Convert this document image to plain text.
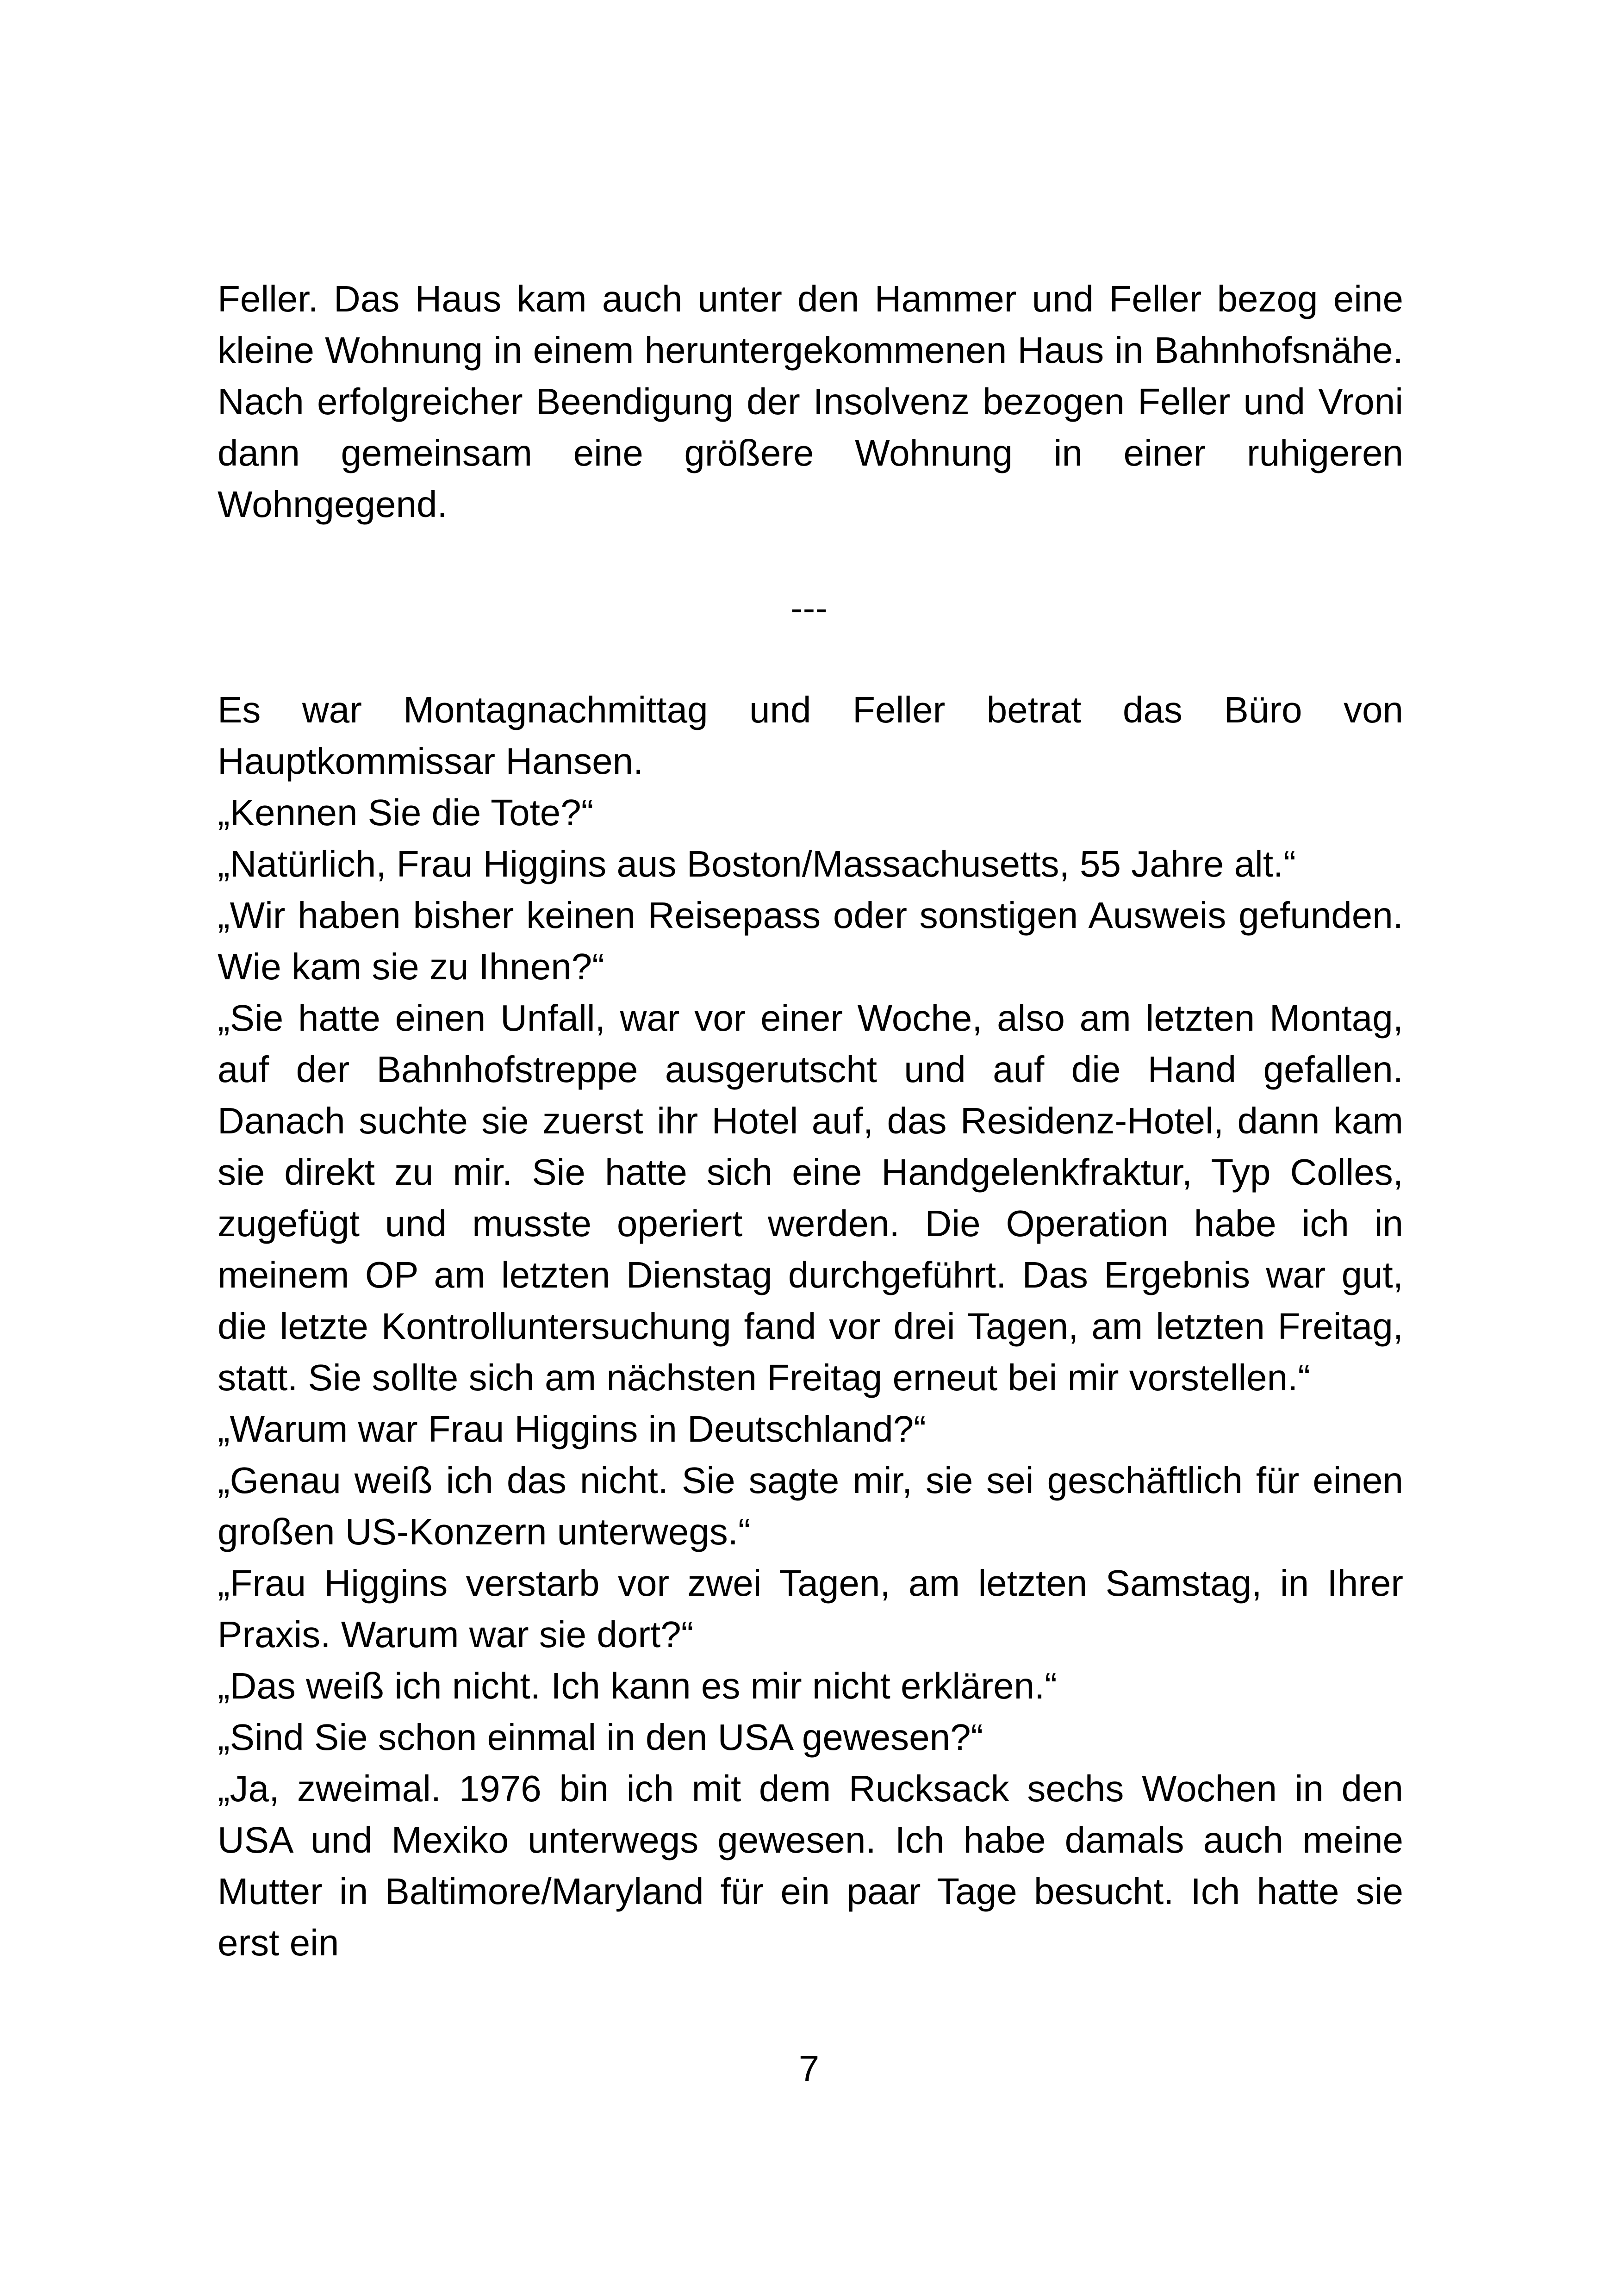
Feller. Das Haus kam auch unter den Hammer und Feller bezog eine kleine Wohnung in einem heruntergekommenen Haus in Bahnhofsnähe. Nach erfolgreicher Beendigung der Insolvenz bezogen Feller und Vroni dann gemeinsam eine größere Wohnung in einer ruhigeren Wohngegend.

---

Es war Montagnachmittag und Feller betrat das Büro von Hauptkommissar Hansen.

„Kennen Sie die Tote?“

„Natürlich, Frau Higgins aus Boston/Massachusetts, 55 Jahre alt.“

„Wir haben bisher keinen Reisepass oder sonstigen Ausweis gefunden. Wie kam sie zu Ihnen?“

„Sie hatte einen Unfall, war vor einer Woche, also am letzten Montag, auf der Bahnhofstreppe ausgerutscht und auf die Hand gefallen. Danach suchte sie zuerst ihr Hotel auf, das Residenz-Hotel, dann kam sie direkt zu mir. Sie hatte sich eine Handgelenkfraktur, Typ Colles, zugefügt und musste operiert werden. Die Operation habe ich in meinem OP am letzten Dienstag durchgeführt. Das Ergebnis war gut, die letzte Kontrolluntersuchung fand vor drei Tagen, am letzten Freitag, statt. Sie sollte sich am nächsten Freitag erneut bei mir vorstellen.“

„Warum war Frau Higgins in Deutschland?“

„Genau weiß ich das nicht. Sie sagte mir, sie sei geschäftlich für einen großen US-Konzern unterwegs.“

„Frau Higgins verstarb vor zwei Tagen, am letzten Samstag, in Ihrer Praxis. Warum war sie dort?“

„Das weiß ich nicht. Ich kann es mir nicht erklären.“

„Sind Sie schon einmal in den USA gewesen?“

„Ja, zweimal. 1976 bin ich mit dem Rucksack sechs Wochen in den USA und Mexiko unterwegs gewesen. Ich habe damals auch meine Mutter in Baltimore/Maryland für ein paar Tage besucht. Ich hatte sie erst ein

7
